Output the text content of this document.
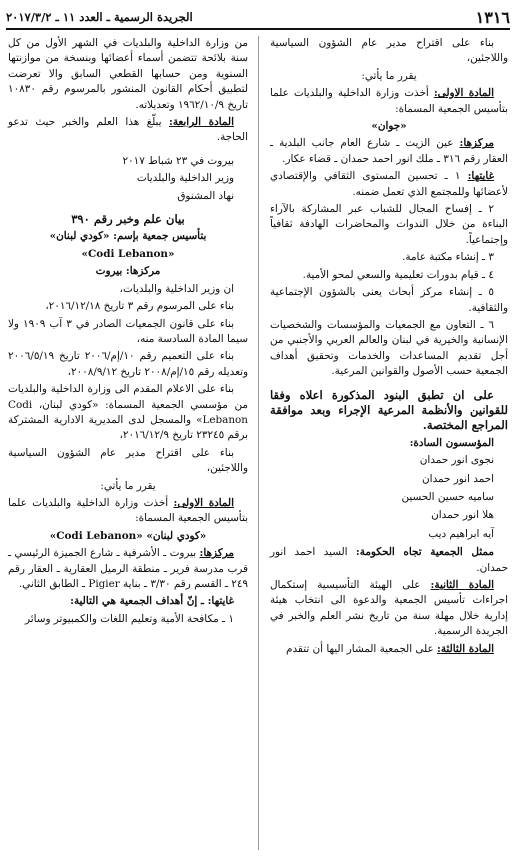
١٣١٦
الجريدة الرسمية ـ العدد ١١ ـ ٢٠١٧/٣/٢

بناء على اقتراح مدير عام الشؤون السياسية واللاجئين،

يقرر ما يأتي:

المادة الاولى: أخذت وزارة الداخلية والبلديات علما بتأسيس الجمعية المسماة:

«جوان»

مركزها: عين الزيت ـ شارع العام جانب البلدية ـ العقار رقم ٣١٦ ـ ملك انور احمد حمدان ـ قضاء عكار.

غايتها: ١ ـ تحسين المستوى الثقافي والإقتصادي لأعضائها وللمجتمع الذي تعمل ضمنه.

٢ ـ إفساح المجال للشباب عبر المشاركة بالآراء البناءة من خلال الندوات والمحاضرات الهادفة ثقافياً وإجتماعياً.

٣ ـ إنشاء مكتبة عامة.

٤ ـ قيام بدورات تعليمية والسعي لمحو الأمية.

٥ ـ إنشاء مركز أبحاث يعنى بالشؤون الإجتماعية والثقافية.

٦ ـ التعاون مع الجمعيات والمؤسسات والشخصيات الإنسانية والخيرية في لبنان والعالم العربي والأجنبي من أجل تقديم المساعدات والخدمات وتحقيق أهداف الجمعية حسب الأصول والقوانين المرعية.

على ان تطبق البنود المذكورة اعلاه وفقا للقوانين والأنظمة المرعية الإجراء وبعد موافقة المراجع المختصة.

المؤسسون السادة:

نجوى انور حمدان

احمد انور حمدان

ساميه حسين الحسين

هلا انور حمدان

آيه ابراهيم ديب

ممثل الجمعية تجاه الحكومة: السيد احمد انور حمدان.

المادة الثانية: على الهيئة التأسيسية إستكمال اجراءات تأسيس الجمعية والدعوة الى انتخاب هيئة إدارية خلال مهلة سنة من تاريخ نشر العلم والخبر في الجريدة الرسمية.

المادة الثالثة: على الجمعية المشار اليها أن تتقدم

من وزارة الداخلية والبلديات في الشهر الأول من كل سنة بلائحة تتضمن أسماء أعضائها وبنسخة من موازنتها السنوية ومن حسابها القطعي السابق والا تعرضت لتطبيق أحكام القانون المنشور بالمرسوم رقم ١٠٨٣٠ تاريخ ١٩٦٢/١٠/٩ وتعديلاته.

المادة الرابعة: يبلّغ هذا العلم والخبر حيث تدعو الحاجة.

بيروت في ٢٣ شباط ٢٠١٧

وزير الداخلية والبلديات

نهاد المشنوق

بيان علم وخبر رقم ٣٩٠

بتأسيس جمعية بإسم: «كودي لبنان»

«Codi Lebanon»

مركزها: بيروت

ان وزير الداخلية والبلديات،

بناء على المرسوم رقم ٣ تاريخ ٢٠١٦/١٢/١٨،

بناء على قانون الجمعيات الصادر في ٣ آب ١٩٠٩ ولا سيما المادة السادسة منه،

بناء على التعميم رقم ١٠/إم/٢٠٠٦ تاريخ ٢٠٠٦/٥/١٩ وتعديله رقم ١٥/إم/٢٠٠٨ تاريخ ٢٠٠٨/٩/١٢،

بناء على الاعلام المقدم الى وزارة الداخلية والبلديات من مؤسسي الجمعية المسماة: «كودي لبنان، Codi Lebanon» والمسجل لدى المديرية الادارية المشتركة برقم ٢٣٢٤٥ تاريخ ٢٠١٦/١٢/٩،

بناء على اقتراح مدير عام الشؤون السياسية واللاجئين،

يقرر ما يأتي:

المادة الاولى: أخذت وزارة الداخلية والبلديات علما بتأسيس الجمعية المسماة:

«كودي لبنان» «Codi Lebanon»

مركزها: بيروت ـ الأشرفية ـ شارع الجميزة الرئيسي ـ قرب مدرسة فرير ـ منطقة الرميل العقارية ـ العقار رقم ٢٤٩ ـ القسم رقم ٣/٣٠ ـ بناية Pigier ـ الطابق الثاني.

غايتها: ـ إنّ أهداف الجمعية هي التالية:

١ ـ مكافحة الأمية وتعليم اللغات والكمبيوتر وسائر
